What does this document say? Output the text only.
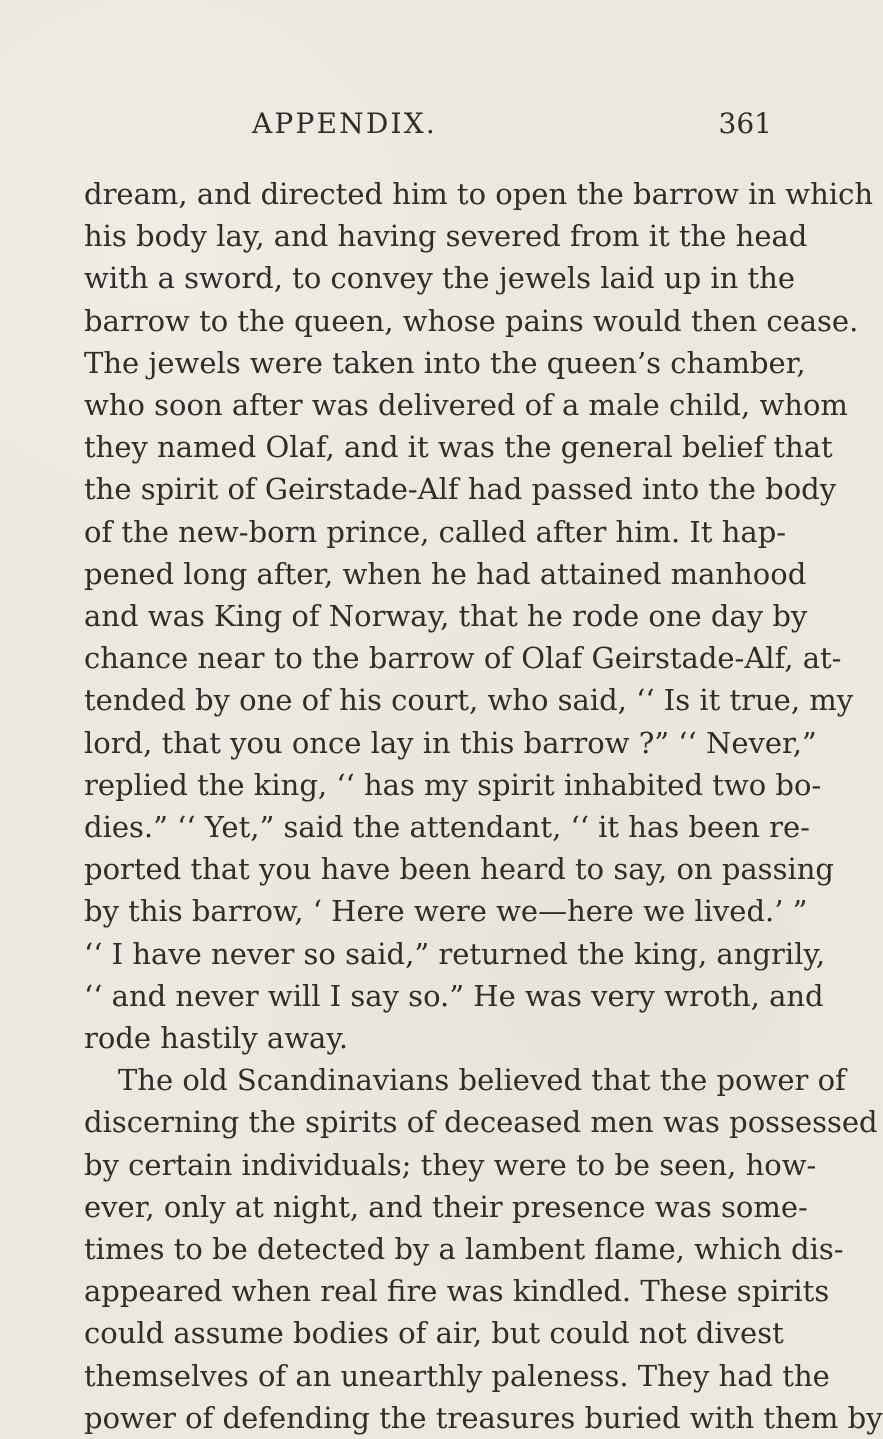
APPENDIX.	361
dream, and directed him to open the barrow in which
his body lay, and having severed from it the head
with a sword, to convey the jewels laid up in the
barrow to the queen, whose pains would then cease.
The jewels were taken into the queen’s chamber,
who soon after was delivered of a male child, whom
they named Olaf, and it was the general belief that
the spirit of Geirstade-Alf had passed into the body
of the new-born prince, called after him. It hap-
pened long after, when he had attained manhood
and was King of Norway, that he rode one day by
chance near to the barrow of Olaf Geirstade-Alf, at-
tended by one of his court, who said, ‘‘ Is it true, my
lord, that you once lay in this barrow ?” ‘‘ Never,”
replied the king, ‘‘ has my spirit inhabited two bo-
dies.” ‘‘ Yet,” said the attendant, ‘‘ it has been re-
ported that you have been heard to say, on passing
by this barrow, ‘ Here were we—here we lived.’ ”
‘‘ I have never so said,” returned the king, angrily,
‘‘ and never will I say so.” He was very wroth, and
rode hastily away.
The old Scandinavians believed that the power of
discerning the spirits of deceased men was possessed
by certain individuals; they were to be seen, how-
ever, only at night, and their presence was some-
times to be detected by a lambent flame, which dis-
appeared when real fire was kindled. These spirits
could assume bodies of air, but could not divest
themselves of an unearthly paleness. They had the
power of defending the treasures buried with them by
